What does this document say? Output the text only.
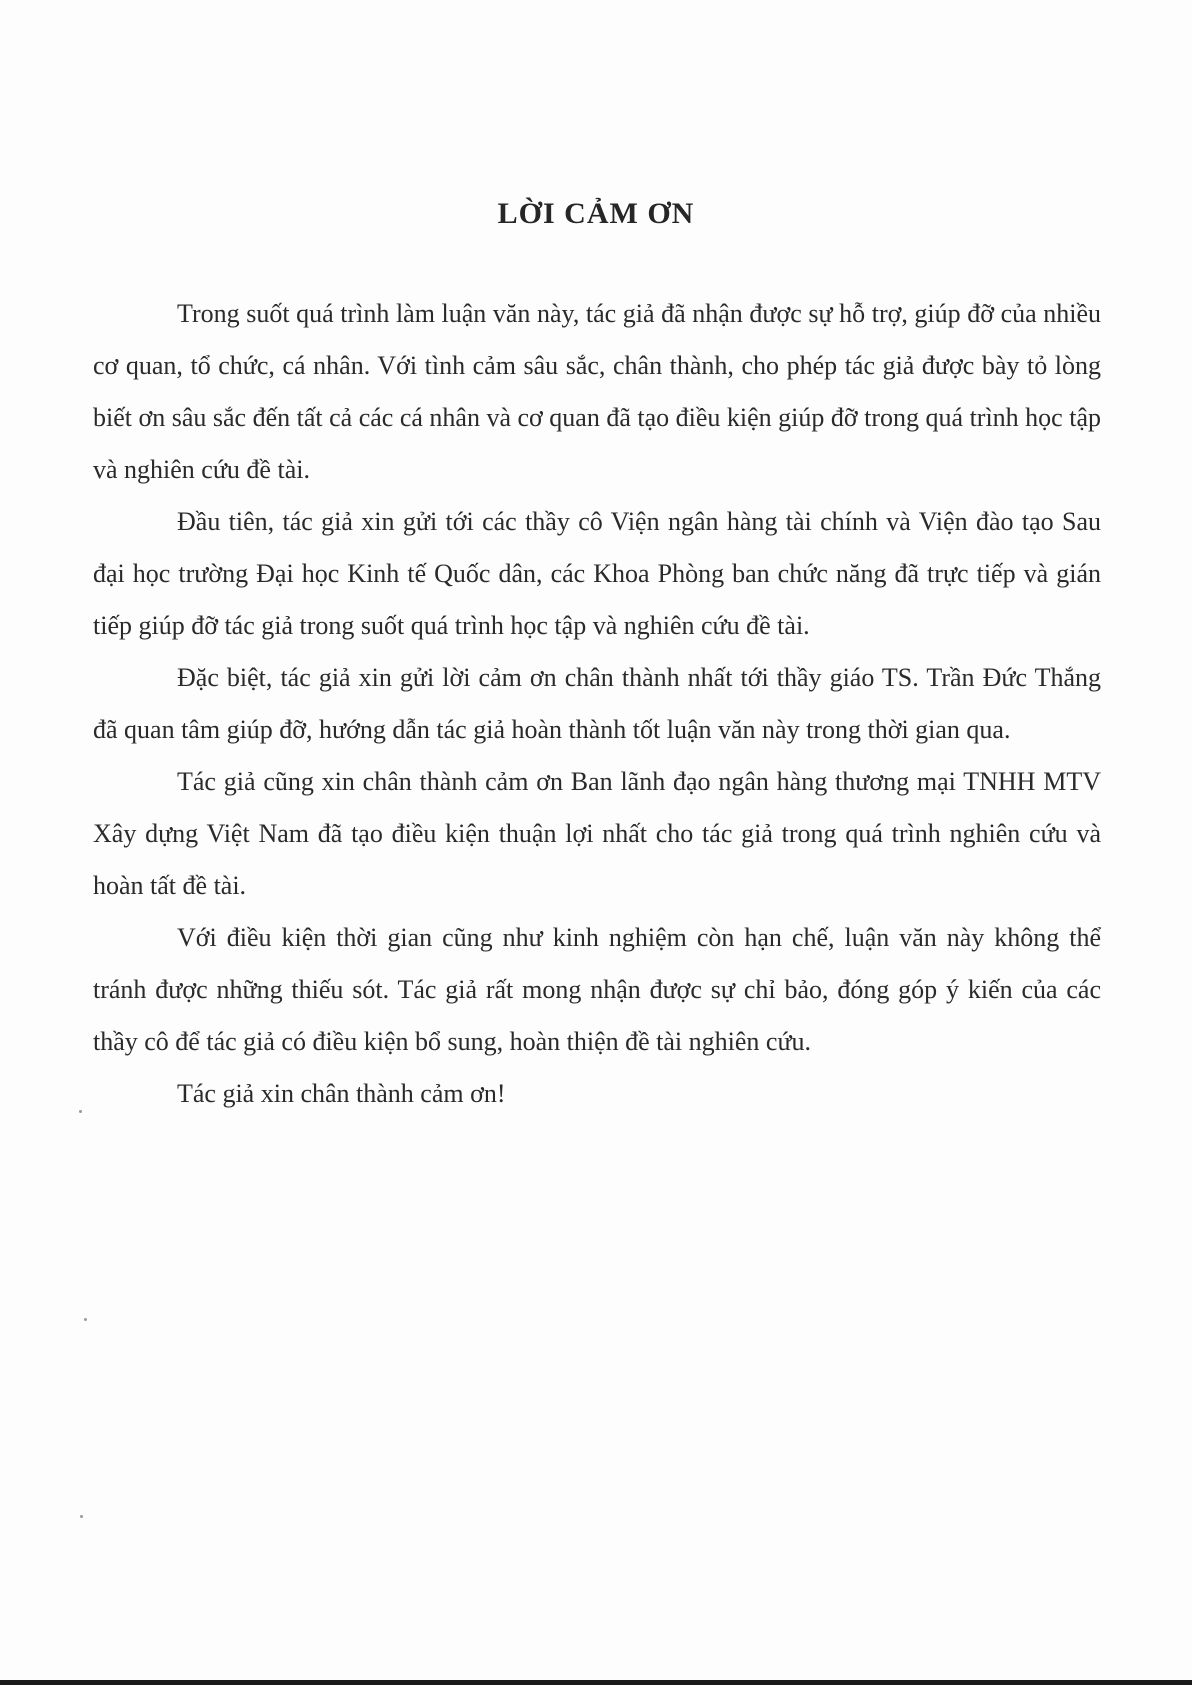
LỜI CẢM ƠN

Trong suốt quá trình làm luận văn này, tác giả đã nhận được sự hỗ trợ, giúp đỡ của nhiều cơ quan, tổ chức, cá nhân. Với tình cảm sâu sắc, chân thành, cho phép tác giả được bày tỏ lòng biết ơn sâu sắc đến tất cả các cá nhân và cơ quan đã tạo điều kiện giúp đỡ trong quá trình học tập và nghiên cứu đề tài.

Đầu tiên, tác giả xin gửi tới các thầy cô Viện ngân hàng tài chính và Viện đào tạo Sau đại học trường Đại học Kinh tế Quốc dân, các Khoa Phòng ban chức năng đã trực tiếp và gián tiếp giúp đỡ tác giả trong suốt quá trình học tập và nghiên cứu đề tài.

Đặc biệt, tác giả xin gửi lời cảm ơn chân thành nhất tới thầy giáo TS. Trần Đức Thắng đã quan tâm giúp đỡ, hướng dẫn tác giả hoàn thành tốt luận văn này trong thời gian qua.

Tác giả cũng xin chân thành cảm ơn Ban lãnh đạo ngân hàng thương mại TNHH MTV Xây dựng Việt Nam đã tạo điều kiện thuận lợi nhất cho tác giả trong quá trình nghiên cứu và hoàn tất đề tài.

Với điều kiện thời gian cũng như kinh nghiệm còn hạn chế, luận văn này không thể tránh được những thiếu sót. Tác giả rất mong nhận được sự chỉ bảo, đóng góp ý kiến của các thầy cô để tác giả có điều kiện bổ sung, hoàn thiện đề tài nghiên cứu.

Tác giả xin chân thành cảm ơn!
